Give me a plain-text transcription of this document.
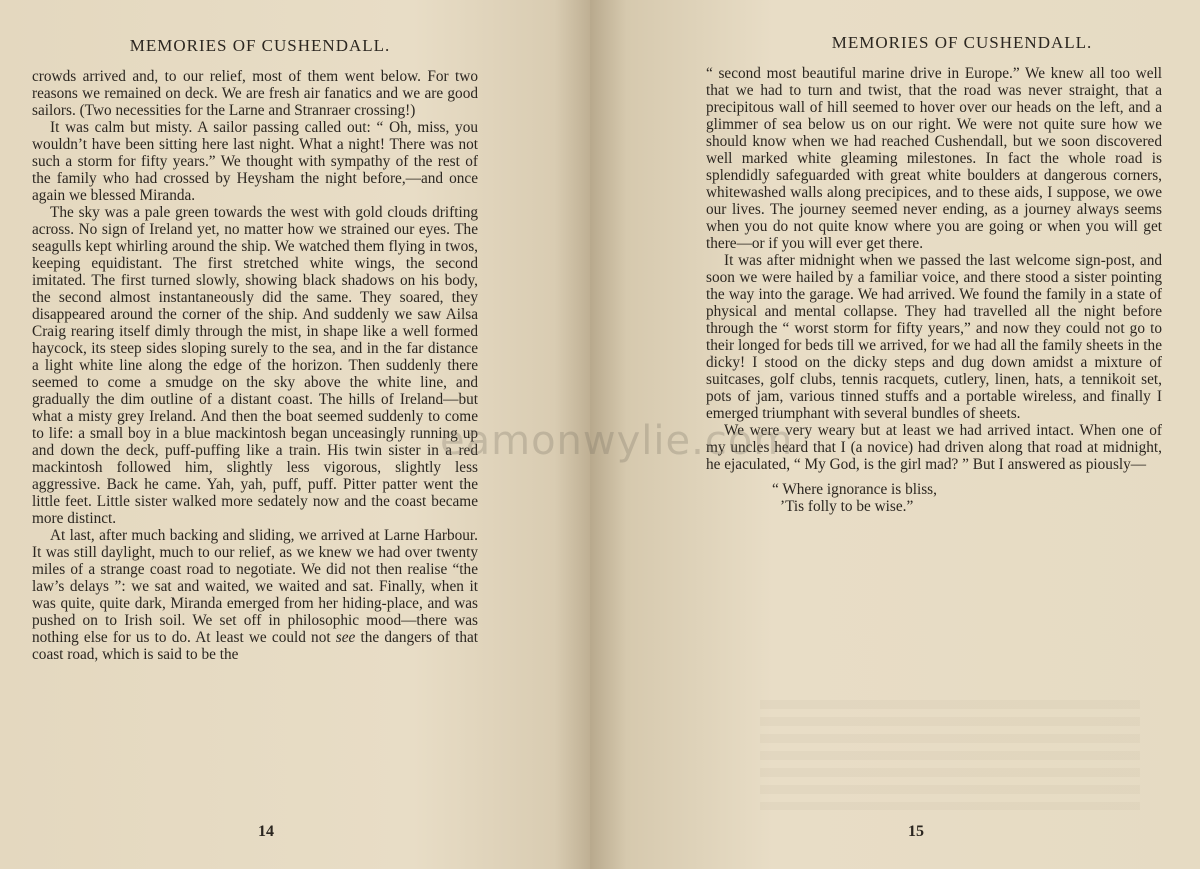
MEMORIES OF CUSHENDALL.

crowds arrived and, to our relief, most of them went below. For two reasons we remained on deck. We are fresh air fanatics and we are good sailors. (Two necessities for the Larne and Stranraer crossing!)

It was calm but misty. A sailor passing called out: “ Oh, miss, you wouldn’t have been sitting here last night. What a night! There was not such a storm for fifty years.” We thought with sympathy of the rest of the family who had crossed by Heysham the night before,—and once again we blessed Miranda.

The sky was a pale green towards the west with gold clouds drifting across. No sign of Ireland yet, no matter how we strained our eyes. The seagulls kept whirling around the ship. We watched them flying in twos, keeping equidistant. The first stretched white wings, the second imitated. The first turned slowly, showing black shadows on his body, the second almost instantaneously did the same. They soared, they disappeared around the corner of the ship. And suddenly we saw Ailsa Craig rearing itself dimly through the mist, in shape like a well formed haycock, its steep sides sloping surely to the sea, and in the far distance a light white line along the edge of the horizon. Then suddenly there seemed to come a smudge on the sky above the white line, and gradually the dim outline of a distant coast. The hills of Ireland—but what a misty grey Ireland. And then the boat seemed suddenly to come to life: a small boy in a blue mackintosh began unceasingly running up and down the deck, puff-puffing like a train. His twin sister in a red mackintosh followed him, slightly less vigorous, slightly less aggressive. Back he came. Yah, yah, puff, puff. Pitter patter went the little feet. Little sister walked more sedately now and the coast became more distinct.

At last, after much backing and sliding, we arrived at Larne Harbour. It was still daylight, much to our relief, as we knew we had over twenty miles of a strange coast road to negotiate. We did not then realise “the law’s delays ”: we sat and waited, we waited and sat. Finally, when it was quite, quite dark, Miranda emerged from her hiding-place, and was pushed on to Irish soil. We set off in philosophic mood—there was nothing else for us to do. At least we could not see the dangers of that coast road, which is said to be the

14
MEMORIES OF CUSHENDALL.

“ second most beautiful marine drive in Europe.” We knew all too well that we had to turn and twist, that the road was never straight, that a precipitous wall of hill seemed to hover over our heads on the left, and a glimmer of sea below us on our right. We were not quite sure how we should know when we had reached Cushendall, but we soon discovered well marked white gleaming milestones. In fact the whole road is splendidly safeguarded with great white boulders at dangerous corners, whitewashed walls along precipices, and to these aids, I suppose, we owe our lives. The journey seemed never ending, as a journey always seems when you do not quite know where you are going or when you will get there—or if you will ever get there.

It was after midnight when we passed the last welcome sign-post, and soon we were hailed by a familiar voice, and there stood a sister pointing the way into the garage. We had arrived. We found the family in a state of physical and mental collapse. They had travelled all the night before through the “ worst storm for fifty years,” and now they could not go to their longed for beds till we arrived, for we had all the family sheets in the dicky! I stood on the dicky steps and dug down amidst a mixture of suitcases, golf clubs, tennis racquets, cutlery, linen, hats, a tennikoit set, pots of jam, various tinned stuffs and a portable wireless, and finally I emerged triumphant with several bundles of sheets.

We were very weary but at least we had arrived intact. When one of my uncles heard that I (a novice) had driven along that road at midnight, he ejaculated, “ My God, is the girl mad? ” But I answered as piously—

“ Where ignorance is bliss,
’Tis folly to be wise.”
15
eamonwylie.com
